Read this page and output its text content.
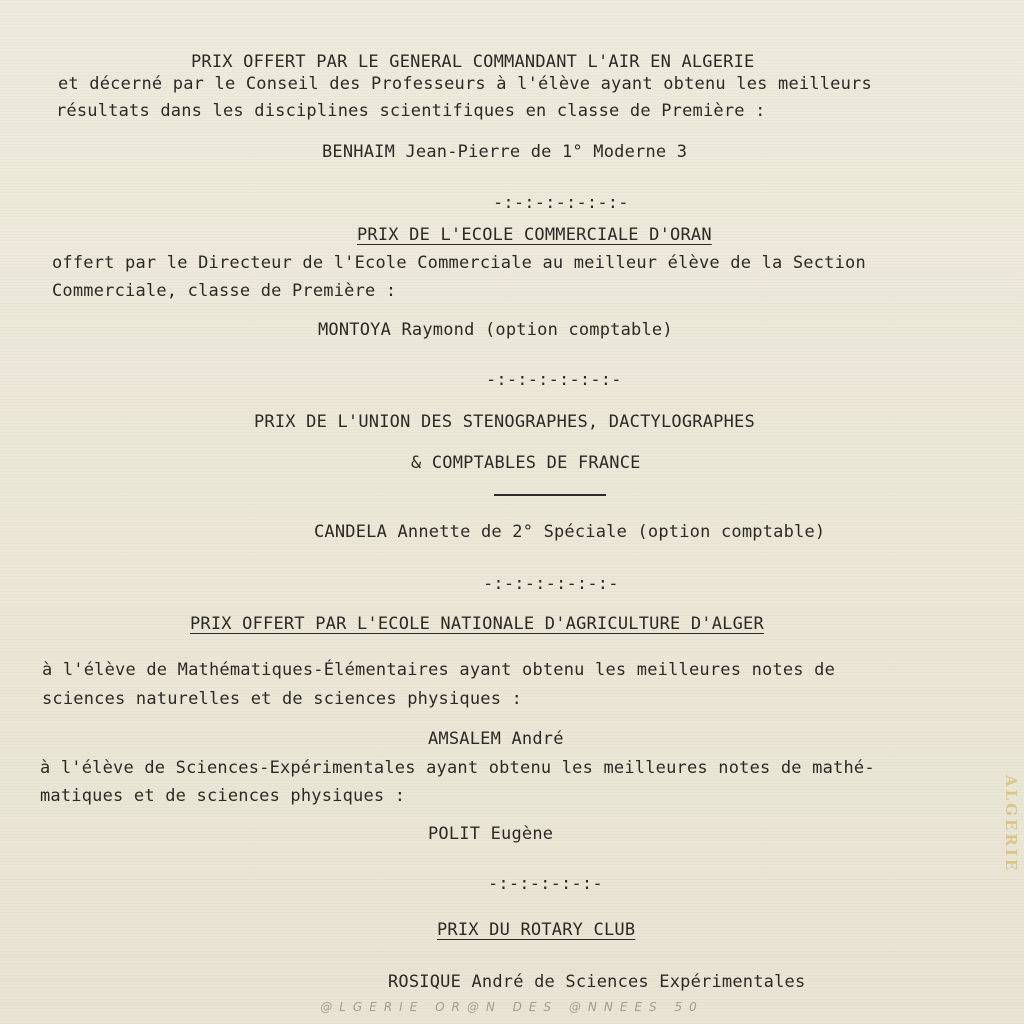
PRIX OFFERT PAR LE GENERAL COMMANDANT L'AIR EN ALGERIE
et décerné par le Conseil des Professeurs à l'élève ayant obtenu les meilleurs
résultats dans les disciplines scientifiques en classe de Première :
BENHAIM Jean-Pierre de 1° Moderne 3
-:-:-:-:-:-:-
PRIX DE L'ECOLE COMMERCIALE D'ORAN
offert par le Directeur de l'Ecole Commerciale au meilleur élève de la Section
Commerciale, classe de Première :
MONTOYA Raymond (option comptable)
-:-:-:-:-:-:-
PRIX DE L'UNION DES STENOGRAPHES, DACTYLOGRAPHES
& COMPTABLES DE FRANCE
CANDELA Annette de 2° Spéciale (option comptable)
-:-:-:-:-:-:-
PRIX OFFERT PAR L'ECOLE NATIONALE D'AGRICULTURE D'ALGER
à l'élève de Mathématiques-Élémentaires ayant obtenu les meilleures notes de
sciences naturelles et de sciences physiques :
AMSALEM André
à l'élève de Sciences-Expérimentales ayant obtenu les meilleures notes de mathé-
matiques et de sciences physiques :
POLIT Eugène
-:-:-:-:-:-
PRIX DU ROTARY CLUB
ROSIQUE André de Sciences Expérimentales
@LGERIE OR@N DES @NNEES 50
ALGERIE
